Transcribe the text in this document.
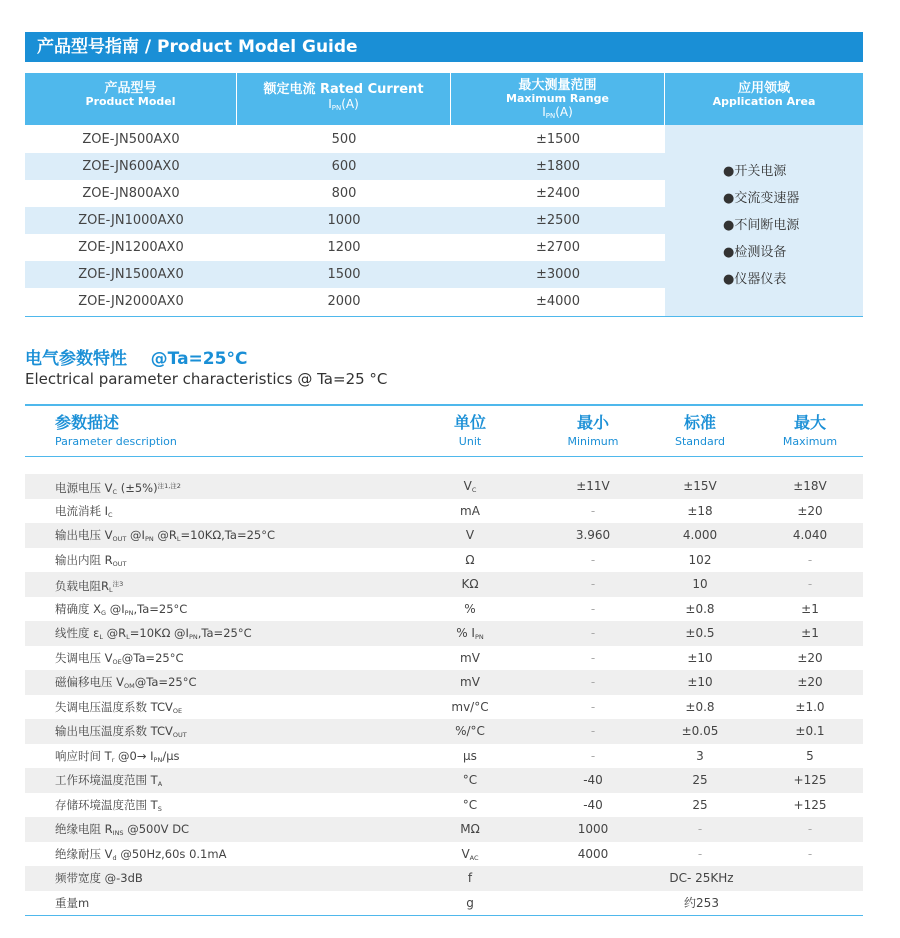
产品型号指南 / Product Model Guide
产品型号
Product Model
额定电流 Rated Current
IPN(A)
最大测量范围
Maximum Range
IPN(A)
应用领域
Application Area
ZOE-JN500AX0	500	±1500
ZOE-JN600AX0	600	±1800
ZOE-JN800AX0	800	±2400
ZOE-JN1000AX0	1000	±2500
ZOE-JN1200AX0	1200	±2700
ZOE-JN1500AX0	1500	±3000
ZOE-JN2000AX0	2000	±4000
●开关电源
●交流变速器
●不间断电源
●检测设备
●仪器仪表
电气参数特性    @Ta=25°C
Electrical parameter characteristics @ Ta=25 °C
参数描述
Parameter description
单位
Unit
最小
Minimum
标准
Standard
最大
Maximum
电源电压 VC $(\pm 5\%)^{注1,注2}$	VC	±11V	±15V	±18V
电流消耗 IC	mA	-	±18	±20
输出电压 VOUT @IPN @RL=10KΩ,Ta=25°C	V	3.960	4.000	4.040
输出内阻 ROUT	Ω	-	102	-
负载电阻RL$^{注3}$	KΩ	-	10	-
精确度 XG @IPN,Ta=25°C	%	-	±0.8	±1
线性度 εL @RL=10KΩ @IPN,Ta=25°C	% IPN	-	±0.5	±1
失调电压 VOE@Ta=25°C	mV	-	±10	±20
磁偏移电压 VOM@Ta=25°C	mV	-	±10	±20
失调电压温度系数 TCVOE	mv/°C	-	±0.8	±1.0
输出电压温度系数 TCVOUT	%/°C	-	±0.05	±0.1
响应时间 Tr @0→ IPN/μs	μs	-	3	5
工作环境温度范围 TA	°C	-40	25	+125
存储环境温度范围 TS	°C	-40	25	+125
绝缘电阻 RINS @500V DC	MΩ	1000	-	-
绝缘耐压 Vd @50Hz,60s 0.1mA	VAC	4000	-	-
频带宽度 @-3dB	f	DC- 25KHz
重量m	g	约253
